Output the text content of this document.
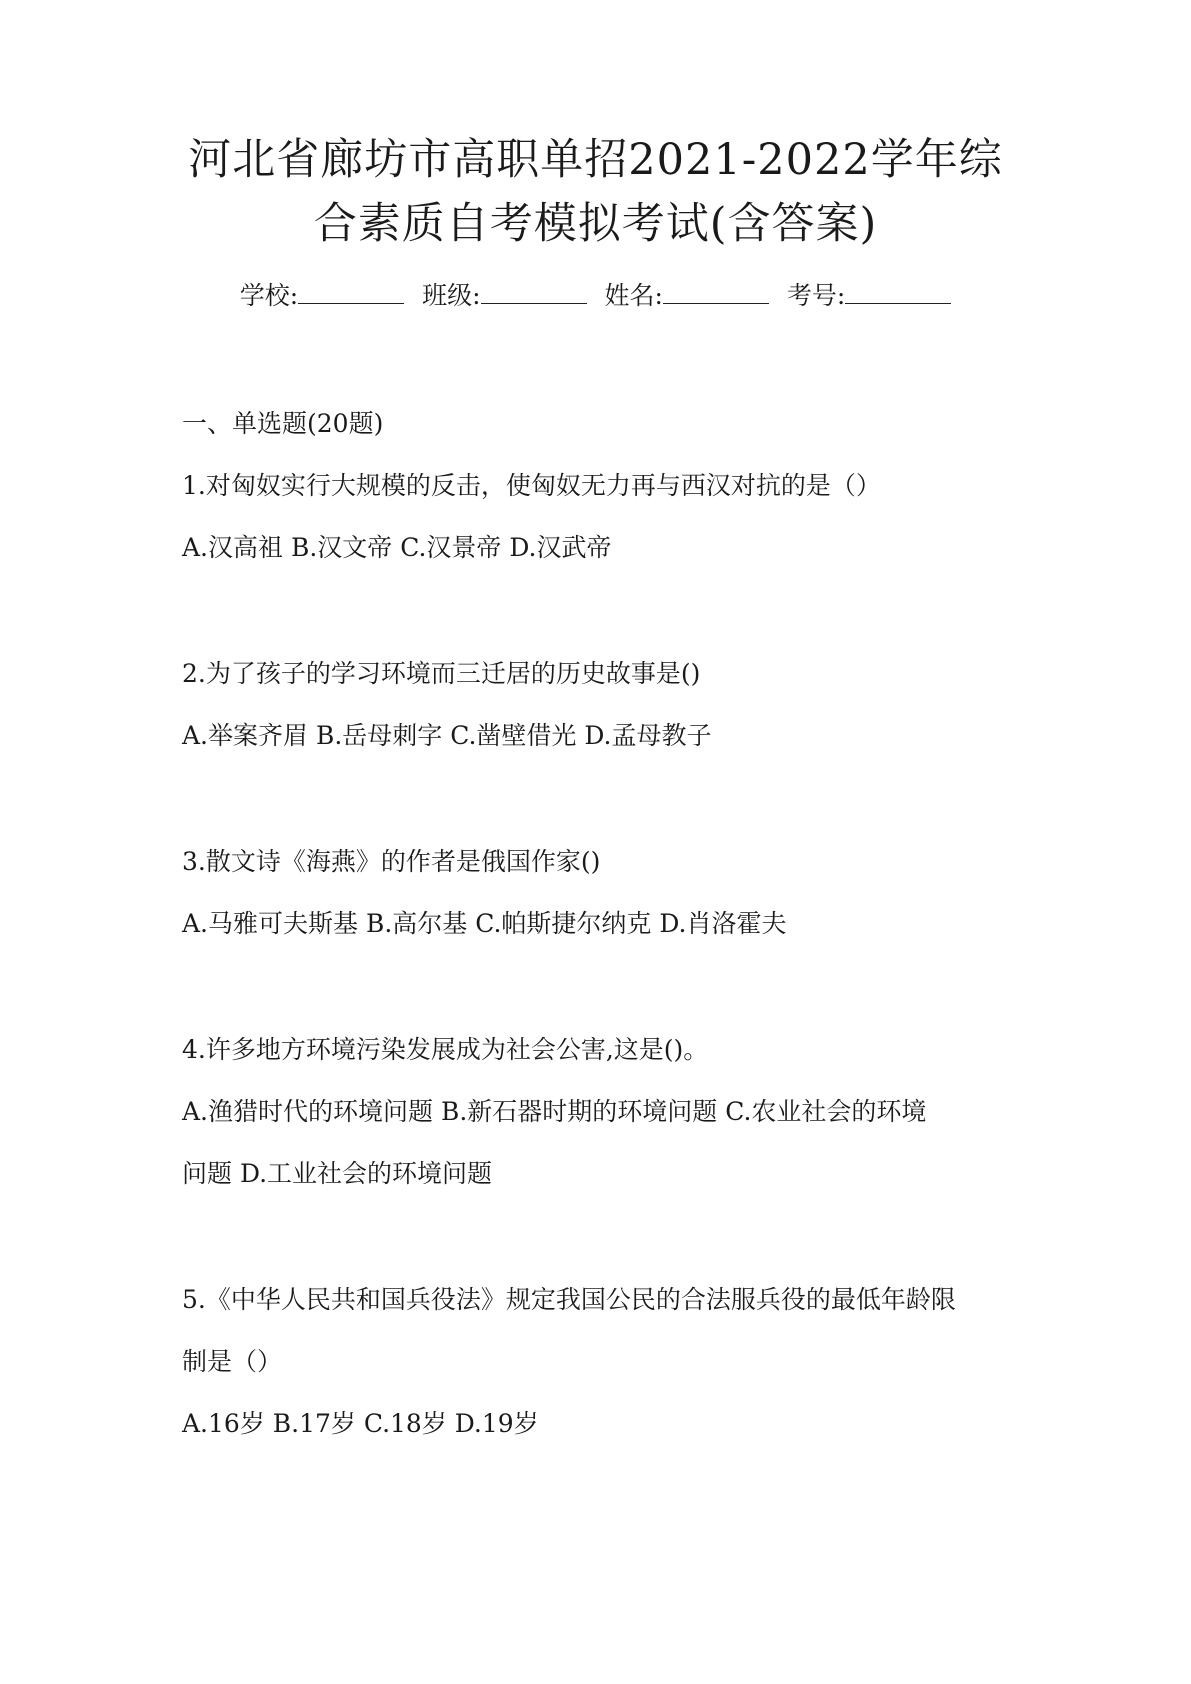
河北省廊坊市高职单招2021-2022学年综
合素质自考模拟考试(含答案)
学校:	班级:	姓名:	考号:
一、单选题(20题)
1.对匈奴实行大规模的反击，使匈奴无力再与西汉对抗的是（）
A.汉高祖 B.汉文帝 C.汉景帝 D.汉武帝
2.为了孩子的学习环境而三迁居的历史故事是()
A.举案齐眉 B.岳母刺字 C.凿壁借光 D.孟母教子
3.散文诗《海燕》的作者是俄国作家()
A.马雅可夫斯基 B.高尔基 C.帕斯捷尔纳克 D.肖洛霍夫
4.许多地方环境污染发展成为社会公害,这是()。
A.渔猎时代的环境问题 B.新石器时期的环境问题 C.农业社会的环境
问题 D.工业社会的环境问题
5.《中华人民共和国兵役法》规定我国公民的合法服兵役的最低年龄限
制是（）
A.16岁 B.17岁 C.18岁 D.19岁
